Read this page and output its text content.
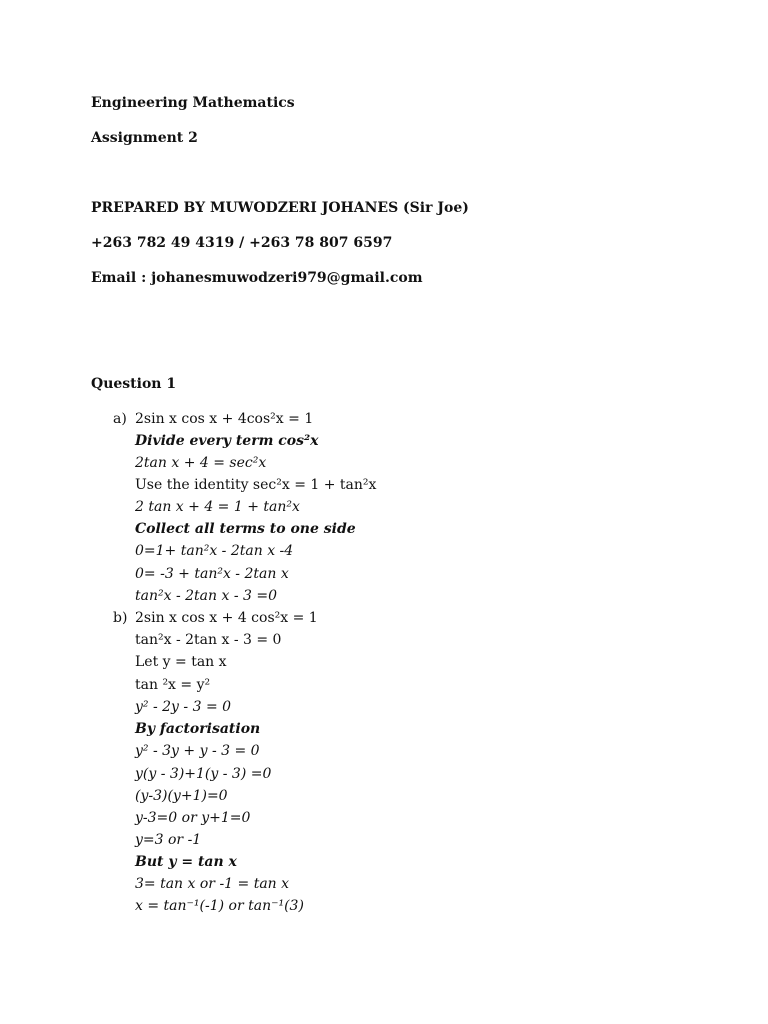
Engineering Mathematics
Assignment 2
PREPARED BY MUWODZERI JOHANES (Sir Joe)
+263 782 49 4319 / +263 78 807 6597
Email : johanesmuwodzeri979@gmail.com
Question 1
a) 2sin x cos x + 4cos²x = 1
Divide every term cos²x
2tan x + 4 = sec²x
Use the identity sec²x = 1 + tan²x
2 tan x + 4 = 1 + tan²x
Collect all terms to one side
0=1+ tan²x - 2tan x -4
0= -3 + tan²x - 2tan x
tan²x - 2tan x - 3 =0
b) 2sin x cos x + 4 cos²x = 1
tan²x - 2tan x - 3 = 0
Let y = tan x
tan ²x = y²
y² - 2y - 3 = 0
By factorisation
y² - 3y + y - 3 = 0
y(y - 3)+1(y - 3) =0
(y-3)(y+1)=0
y-3=0 or y+1=0
y=3 or -1
But y = tan x
3= tan x or -1 = tan x
x = tan⁻¹(-1) or tan⁻¹(3)
